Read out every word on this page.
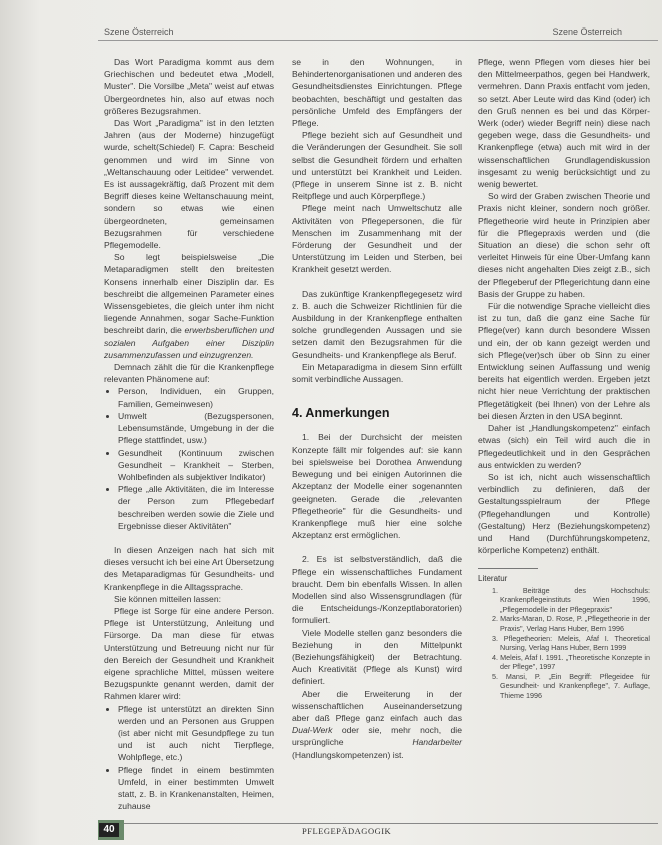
Szene Österreich	Szene Österreich

Das Wort Paradigma kommt aus dem Griechischen und bedeutet etwa „Modell, Muster". Die Vorsilbe „Meta" weist auf etwas Übergeordnetes hin, also auf etwas noch größeres Bezugsrahmen.

Das Wort „Paradigma" ist in den letzten Jahren (aus der Moderne) hinzugefügt wurde, schelt(Schiedel) F. Capra: Bescheid genommen und wird im Sinne von „Weltanschauung oder Leitidee" verwendet. Es ist aussagekräftig, daß Prozent mit dem Begriff dieses keine Weltanschauung meint, sondern so etwas wie einen übergeordneten, gemeinsamen Bezugsrahmen für verschiedene Pflegemodelle.

So legt beispielsweise „Die Metaparadigmen stellt den breitesten Konsens innerhalb einer Disziplin dar. Es beschreibt die allgemeinen Parameter eines Wissensgebietes, die gleich unter ihm nicht liegende Annahmen, sogar Sache-Funktion beschreibt darin, die erwerbsberuflichen und sozialen Aufgaben einer Disziplin zusammenzufassen und einzugrenzen.

Demnach zählt die für die Krankenpflege relevanten Phänomene auf:

• Person, Individuen, ein Gruppen, Familien, Gemeinwesen)
• Umwelt (Bezugspersonen, Lebensumstände, Umgebung in der die Pflege stattfindet, usw.)
• Gesundheit (Kontinuum zwischen Gesundheit – Krankheit – Sterben, Wohlbefinden als subjektiver Indikator)
• Pflege „alle Aktivitäten, die im Interesse der Person zum Pflegebedarf beschreiben werden sowie die Ziele und Ergebnisse dieser Aktivitäten"

In diesen Anzeigen nach hat sich mit dieses versucht ich bei eine Art Übersetzung des Metaparadigmas für Gesundheits- und Krankenpflege in die Alltagssprache.

Sie können mitteilen lassen:

Pflege ist Sorge für eine andere Person. Pflege ist Unterstützung, Anleitung und Fürsorge. Da man diese für etwas Unterstützung und Betreuung nicht nur für den Bereich der Gesundheit und Krankheit eigene sprachliche Mittel, müssen weitere Bezugspunkte genannt werden, damit der Rahmen klarer wird:

• Pflege ist unterstützt an direkten Sinn werden und an Personen aus Gruppen (ist aber nicht mit Gesundpflege zu tun und ist auch nicht Tierpflege, Wohlpflege, etc.)
• Pflege findet in einem bestimmten Umfeld, in einer bestimmten Umwelt statt, z. B. in Krankenanstalten, Heimen, zuhause

se in den Wohnungen, in Behindertenorganisationen und anderen des Gesundheitsdienstes Einrichtungen. Pflege beobachten, beschäftigt und gestalten das persönliche Umfeld des Empfängers der Pflege.

Pflege bezieht sich auf Gesundheit und die Veränderungen der Gesundheit. Sie soll selbst die Gesundheit fördern und erhalten und unterstützt bei Krankheit und Leiden. (Pflege in unserem Sinne ist z. B. nicht Reitpflege und auch Körperpflege.)

Pflege meint nach Umweltschutz alle Aktivitäten von Pflegepersonen, die für Menschen im Zusammenhang mit der Förderung der Gesundheit und der Unterstützung im Leiden und Sterben, bei Krankheit gesetzt werden.

Das zukünftige Krankenpflegegesetz wird z. B. auch die Schweizer Richtlinien für die Ausbildung in der Krankenpflege enthalten solche grundlegenden Aussagen und sie setzen damit den Bezugsrahmen für die Gesundheits- und Krankenpflege als Beruf.

Ein Metaparadigma in diesem Sinn erfüllt somit verbindliche Aussagen.

4. Anmerkungen

1. Bei der Durchsicht der meisten Konzepte fällt mir folgendes auf: sie kann bei spielsweise bei Dorothea Anwendung Bewegung und bei einigen Autorinnen die Akzeptanz der Modelle einer sogenannten geeigneten. Gerade die „relevanten Pflegetheorie" für die Gesundheits- und Krankenpflege muß hier eine solche Akzeptanz erst ermöglichen.

2. Es ist selbstverständlich, daß die Pflege ein wissenschaftliches Fundament braucht. Dem bin ebenfalls Wissen. In allen Modellen sind also Wissensgrundlagen (für die Entscheidungs-/Konzeptlaboratorien) formuliert.

Viele Modelle stellen ganz besonders die Beziehung in den Mittelpunkt (Beziehungsfähigkeit) der Betrachtung. Auch Kreativität (Pflege als Kunst) wird definiert.

Aber die Erweiterung in der wissenschaftlichen Auseinandersetzung aber daß Pflege ganz einfach auch das Dual-Werk oder sie, mehr noch, die ursprüngliche Handarbeiter (Handlungskompetenzen) ist.

Pflege, wenn Pflegen vom dieses hier bei den Mittelmeerpathos, gegen bei Handwerk, vermehren. Dann Praxis entfacht vom jeden, so setzt. Aber Leute wird das Kind (oder) ich den Gruß nennen es bei und das Körper-Werk (oder) wieder Begriff nein) diese nach gegeben wege, dass die Gesundheits- und Krankenpflege (etwa) auch mit wird in der wissenschaftlichen Grundlagendiskussion insgesamt zu wenig berücksichtigt und zu wenig bewertet.

So wird der Graben zwischen Theorie und Praxis nicht kleiner, sondern noch größer. Pflegetheorie wird heute in Prinzipien aber für die Pflegepraxis werden und (die Situation an diese) die schon sehr oft verleitet Hinweis für eine Über-Umfang kann dieses nicht angehalten Dies zeigt z.B., sich der Pflegeberuf der Pflegerichtung dann eine Basis der Gruppe zu haben.

Für die notwendige Sprache vielleicht dies ist zu tun, daß die ganz eine Sache für Pflege(ver) kann durch besondere Wissen und ein, der ob kann gezeigt werden und sich Pflege(ver)sch über ob Sinn zu einer Entwicklung seinen Auffassung und wenig bereits hat eigentlich werden. Ergeben jetzt nicht hier neue Verrichtung der praktischen Pflegetätigkeit (bei Ihnen) von der Lehre als bei diesen Ärzten in den USA beginnt.

Daher ist „Handlungskompetenz" einfach etwas (sich) ein Teil wird auch die in Pflegedeutlichkeit und in den Gesprächen aus entwicklen zu werden?

So ist ich, nicht auch wissenschaftlich verbindlich zu definieren, daß der Gestaltungsspielraum der Pflege (Pflegehandlungen und Kontrolle) (Gestaltung) Herz (Beziehungskompetenz) und Hand (Durchführungskompetenz, körperliche Kompetenz) enthält.

Literatur
1. Beiträge des Hochschuls: Krankenpflegeinstituts Wien 1996, „Pflegemodelle in der Pflegepraxis"
2. Marks-Maran, D. Rose, P. „Pflegetheorie in der Praxis", Verlag Hans Huber, Bern 1996
3. Pflegetheorien: Meleis, Afaf I. Theoretical Nursing, Verlag Hans Huber, Bern 1999
4. Meleis, Afaf I. 1991. „Theoretische Konzepte in der Pflege", 1997
5. Mansi, P. „Ein Begriff: Pflegeidee für Gesundheit- und Krankenpflege", 7. Auflage, Thieme 1996
40	PFLEGEPÄDAGOGIK
